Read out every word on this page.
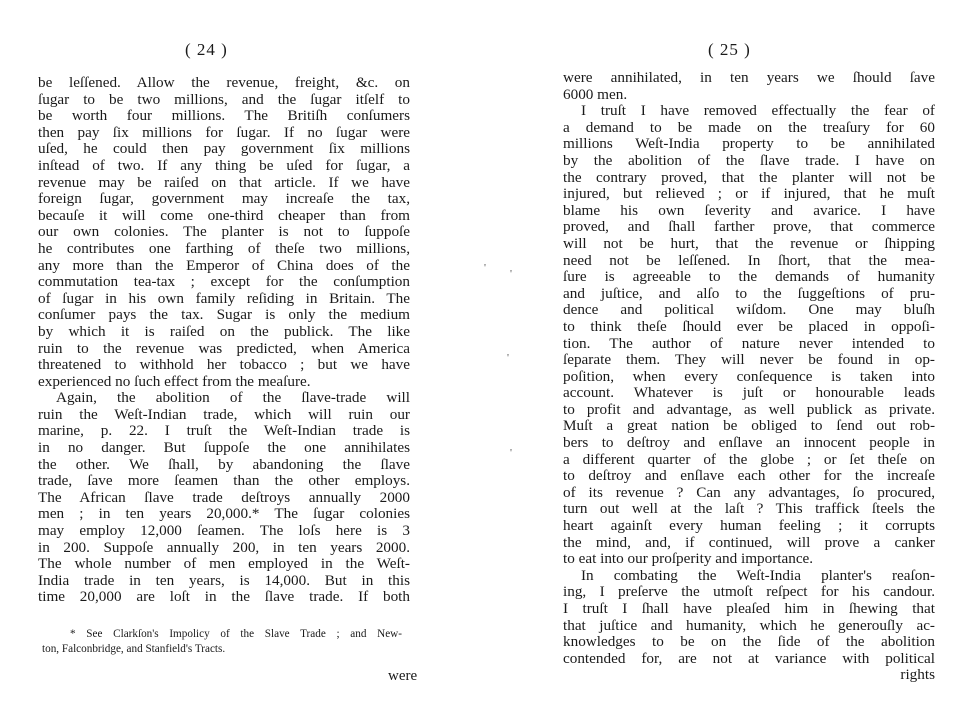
( 24 )
be leſſened. Allow the revenue, freight, &c. on
ſugar to be two millions, and the ſugar itſelf to
be worth four millions. The Britiſh conſumers
then pay ſix millions for ſugar. If no ſugar were
uſed, he could then pay government ſix millions
inſtead of two. If any thing be uſed for ſugar, a
revenue may be raiſed on that article. If we have
foreign ſugar, government may increaſe the tax,
becauſe it will come one-third cheaper than from
our own colonies. The planter is not to ſuppoſe
he contributes one farthing of theſe two millions,
any more than the Emperor of China does of the
commutation tea-tax ; except for the conſumption
of ſugar in his own family reſiding in Britain. The
conſumer pays the tax. Sugar is only the medium
by which it is raiſed on the publick. The like
ruin to the revenue was predicted, when America
threatened to withhold her tobacco ; but we have
experienced no ſuch effect from the meaſure.
Again, the abolition of the ſlave-trade will
ruin the Weſt-Indian trade, which will ruin our
marine, p. 22. I truſt the Weſt-Indian trade is
in no danger. But ſuppoſe the one annihilates
the other. We ſhall, by abandoning the ſlave
trade, ſave more ſeamen than the other employs.
The African ſlave trade deſtroys annually 2000
men ; in ten years 20,000.* The ſugar colonies
may employ 12,000 ſeamen. The loſs here is 3
in 200. Suppoſe annually 200, in ten years 2000.
The whole number of men employed in the Weſt-
India trade in ten years, is 14,000. But in this
time 20,000 are loſt in the ſlave trade. If both
* See Clarkſon's Impolicy of the Slave Trade ; and New-
ton, Falconbridge, and Stanfield's Tracts.
were
( 25 )
were annihilated, in ten years we ſhould ſave
6000 men.
I truſt I have removed effectually the fear of
a demand to be made on the treaſury for 60
millions Weſt-India property to be annihilated
by the abolition of the ſlave trade. I have on
the contrary proved, that the planter will not be
injured, but relieved ; or if injured, that he muſt
blame his own ſeverity and avarice. I have
proved, and ſhall farther prove, that commerce
will not be hurt, that the revenue or ſhipping
need not be leſſened. In ſhort, that the mea-
ſure is agreeable to the demands of humanity
and juſtice, and alſo to the ſuggeſtions of pru-
dence and political wiſdom. One may bluſh
to think theſe ſhould ever be placed in oppoſi-
tion. The author of nature never intended to
ſeparate them. They will never be found in op-
poſition, when every conſequence is taken into
account. Whatever is juſt or honourable leads
to profit and advantage, as well publick as private.
Muſt a great nation be obliged to ſend out rob-
bers to deſtroy and enſlave an innocent people in
a different quarter of the globe ; or ſet theſe on
to deſtroy and enſlave each other for the increaſe
of its revenue ? Can any advantages, ſo procured,
turn out well at the laſt ? This traffick ſteels the
heart againſt every human feeling ; it corrupts
the mind, and, if continued, will prove a canker
to eat into our proſperity and importance.
In combating the Weſt-India planter's reaſon-
ing, I preſerve the utmoſt reſpect for his candour.
I truſt I ſhall have pleaſed him in ſhewing that
that juſtice and humanity, which he generouſly ac-
knowledges to be on the ſide of the abolition
contended for, are not at variance with political
rights
' '
'
'
